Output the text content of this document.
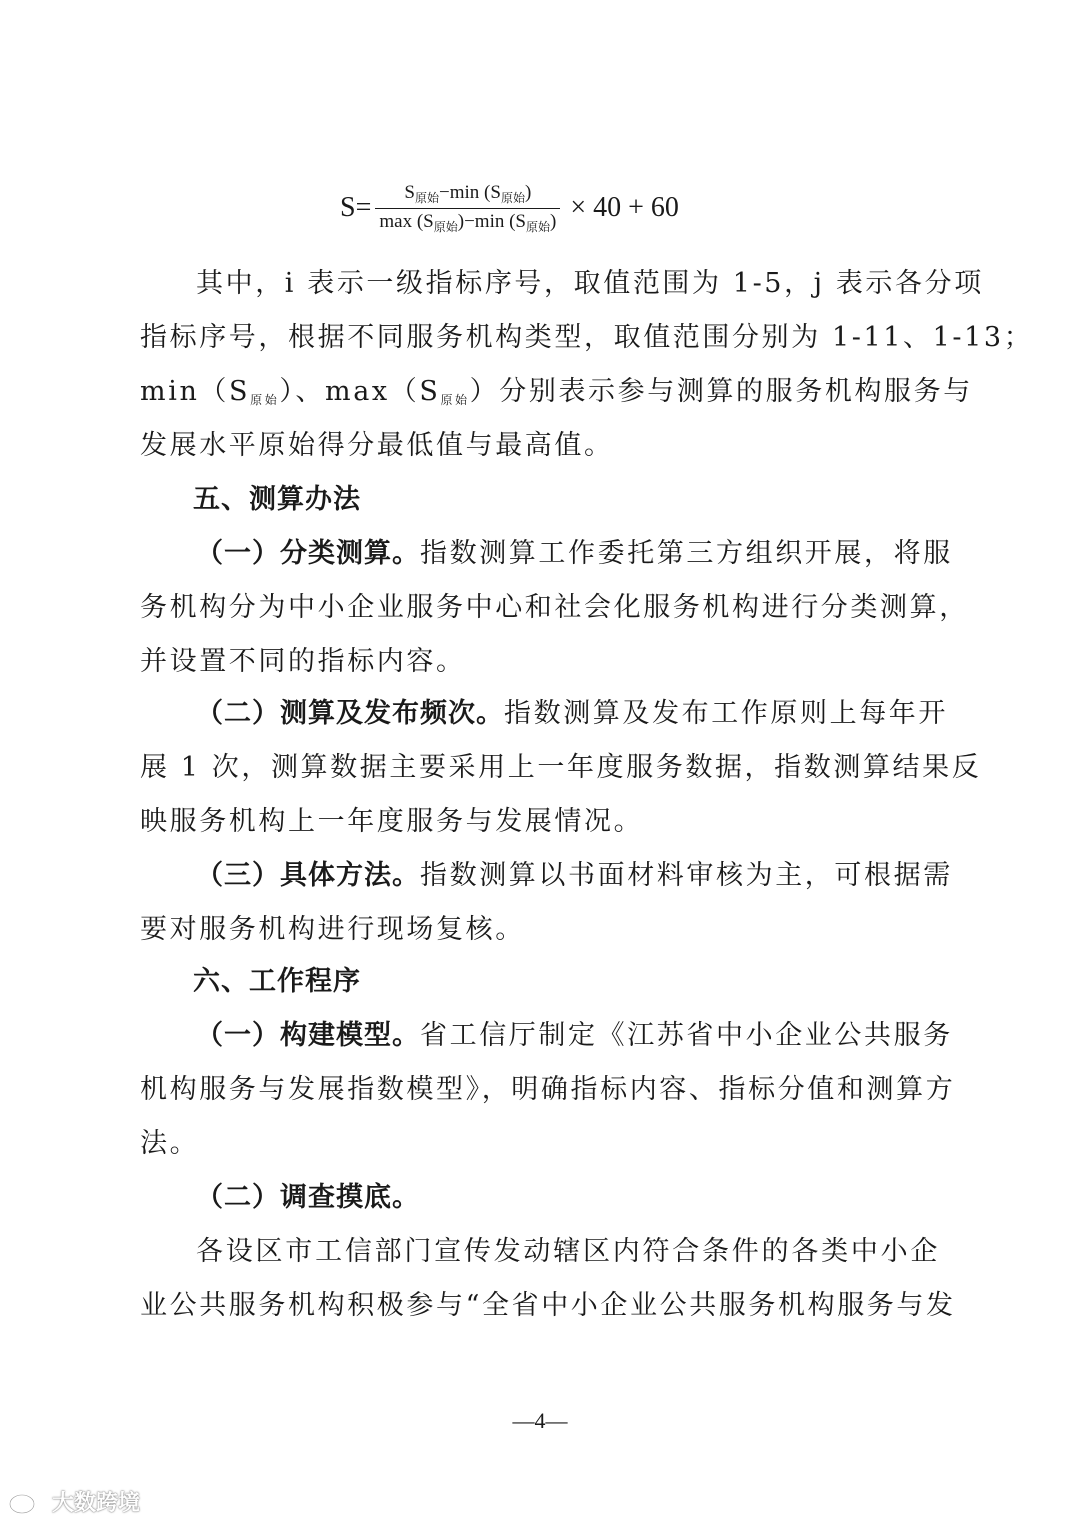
$S= \frac{S_{原始}-\min (S_{原始})}{\max (S_{原始})-\min (S_{原始})} \times 40 + 60$
其中，i 表示一级指标序号，取值范围为 1-5，j 表示各分项
指标序号，根据不同服务机构类型，取值范围分别为 1-11、1-13；
$\min(S_{原始})$、$\max(S_{原始})$分别表示参与测算的服务机构服务与
发展水平原始得分最低值与最高值。
五、测算办法
（一）分类测算。指数测算工作委托第三方组织开展，将服
务机构分为中小企业服务中心和社会化服务机构进行分类测算，
并设置不同的指标内容。
（二）测算及发布频次。指数测算及发布工作原则上每年开
展 1 次，测算数据主要采用上一年度服务数据，指数测算结果反
映服务机构上一年度服务与发展情况。
（三）具体方法。指数测算以书面材料审核为主，可根据需
要对服务机构进行现场复核。
六、工作程序
（一）构建模型。省工信厅制定《江苏省中小企业公共服务
机构服务与发展指数模型》，明确指标内容、指标分值和测算方
法。
（二）调查摸底。
各设区市工信部门宣传发动辖区内符合条件的各类中小企
业公共服务机构积极参与“全省中小企业公共服务机构服务与发
—4—
大数跨境
